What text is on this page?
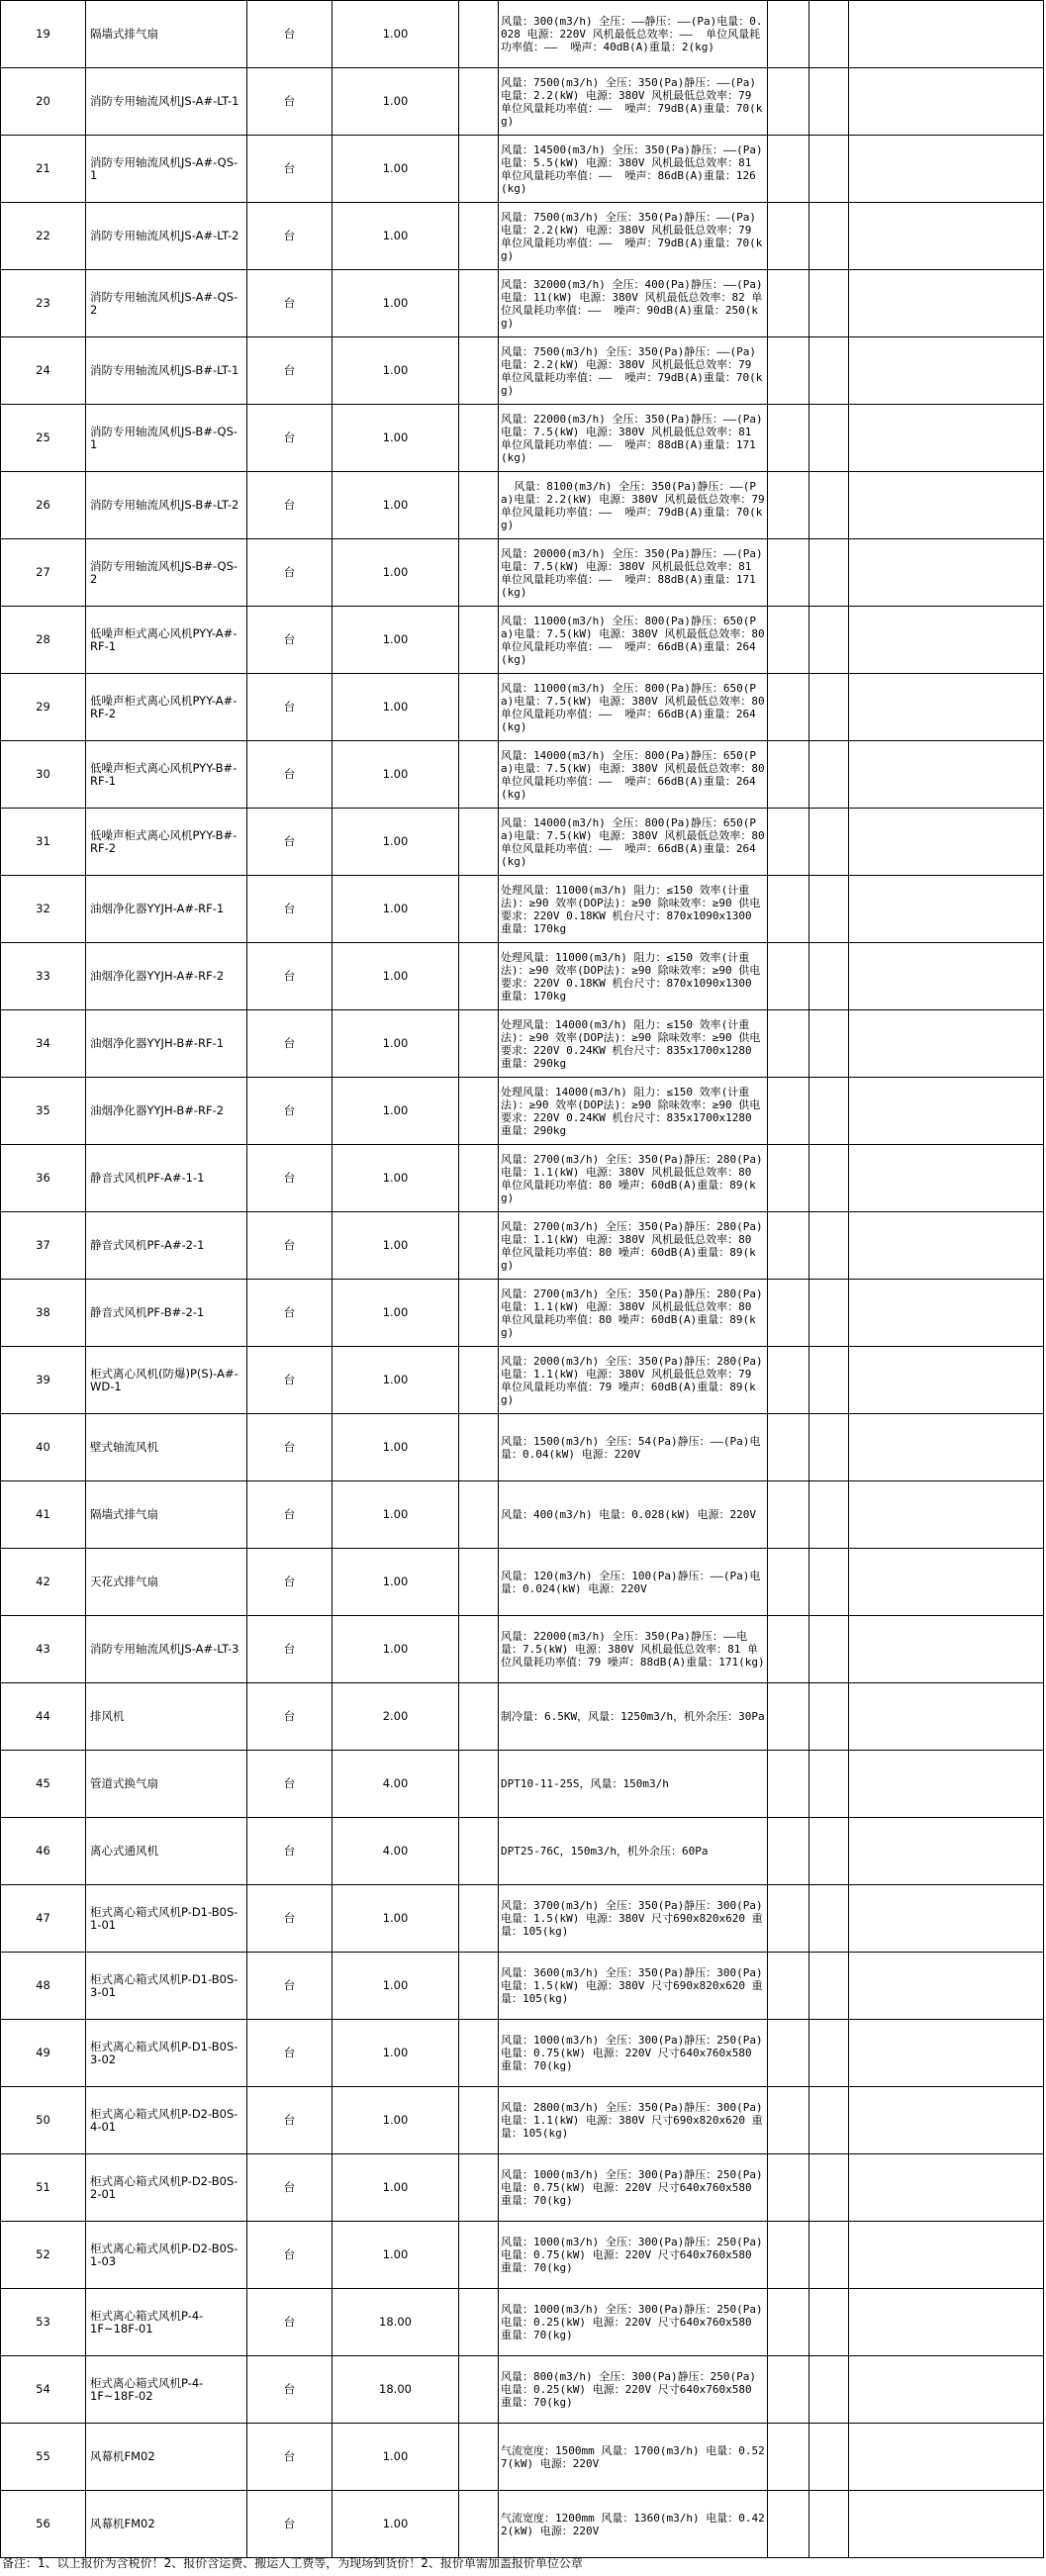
19	隔墙式排气扇	台	1.00		风量：300(m3/h) 全压：——静压：——(Pa)电量：0.028 电源：220V 风机最低总效率：——  单位风量耗功率值：——  噪声：40dB(A)重量：2(kg)			
20	消防专用轴流风机JS-A#-LT-1	台	1.00		风量：7500(m3/h) 全压：350(Pa)静压：——(Pa)电量：2.2(kW) 电源：380V 风机最低总效率：79 单位风量耗功率值：——  噪声：79dB(A)重量：70(kg)			
21	消防专用轴流风机JS-A#-QS-1	台	1.00		风量：14500(m3/h) 全压：350(Pa)静压：——(Pa)电量：5.5(kW) 电源：380V 风机最低总效率：81 单位风量耗功率值：——  噪声：86dB(A)重量：126(kg)			
22	消防专用轴流风机JS-A#-LT-2	台	1.00		风量：7500(m3/h) 全压：350(Pa)静压：——(Pa)电量：2.2(kW) 电源：380V 风机最低总效率：79 单位风量耗功率值：——  噪声：79dB(A)重量：70(kg)			
23	消防专用轴流风机JS-A#-QS-2	台	1.00		风量：32000(m3/h) 全压：400(Pa)静压：——(Pa)电量：11(kW) 电源：380V 风机最低总效率：82 单位风量耗功率值：——  噪声：90dB(A)重量：250(kg)			
24	消防专用轴流风机JS-B#-LT-1	台	1.00		风量：7500(m3/h) 全压：350(Pa)静压：——(Pa)电量：2.2(kW) 电源：380V 风机最低总效率：79 单位风量耗功率值：——  噪声：79dB(A)重量：70(kg)			
25	消防专用轴流风机JS-B#-QS-1	台	1.00		风量：22000(m3/h) 全压：350(Pa)静压：——(Pa)电量：7.5(kW) 电源：380V 风机最低总效率：81 单位风量耗功率值：——  噪声：88dB(A)重量：171(kg)			
26	消防专用轴流风机JS-B#-LT-2	台	1.00		风量：8100(m3/h) 全压：350(Pa)静压：——(Pa)电量：2.2(kW) 电源：380V 风机最低总效率：79 单位风量耗功率值：——  噪声：79dB(A)重量：70(kg)			
27	消防专用轴流风机JS-B#-QS-2	台	1.00		风量：20000(m3/h) 全压：350(Pa)静压：——(Pa)电量：7.5(kW) 电源：380V 风机最低总效率：81 单位风量耗功率值：——  噪声：88dB(A)重量：171(kg)			
28	低噪声柜式离心风机PYY-A#-RF-1	台	1.00		风量：11000(m3/h) 全压：800(Pa)静压：650(Pa)电量：7.5(kW) 电源：380V 风机最低总效率：80单位风量耗功率值：——  噪声：66dB(A)重量：264(kg)			
29	低噪声柜式离心风机PYY-A#-RF-2	台	1.00		风量：11000(m3/h) 全压：800(Pa)静压：650(Pa)电量：7.5(kW) 电源：380V 风机最低总效率：80单位风量耗功率值：——  噪声：66dB(A)重量：264(kg)			
30	低噪声柜式离心风机PYY-B#-RF-1	台	1.00		风量：14000(m3/h) 全压：800(Pa)静压：650(Pa)电量：7.5(kW) 电源：380V 风机最低总效率：80单位风量耗功率值：——  噪声：66dB(A)重量：264(kg)			
31	低噪声柜式离心风机PYY-B#-RF-2	台	1.00		风量：14000(m3/h) 全压：800(Pa)静压：650(Pa)电量：7.5(kW) 电源：380V 风机最低总效率：80单位风量耗功率值：——  噪声：66dB(A)重量：264(kg)			
32	油烟净化器YYJH-A#-RF-1	台	1.00		处理风量：11000(m3/h) 阻力：≤150 效率(计重法)：≥90 效率(DOP法)：≥90 除味效率：≥90 供电要求：220V 0.18KW 机台尺寸：870x1090x1300 重量：170kg			
33	油烟净化器YYJH-A#-RF-2	台	1.00		处理风量：11000(m3/h) 阻力：≤150 效率(计重法)：≥90 效率(DOP法)：≥90 除味效率：≥90 供电要求：220V 0.18KW 机台尺寸：870x1090x1300 重量：170kg			
34	油烟净化器YYJH-B#-RF-1	台	1.00		处理风量：14000(m3/h) 阻力：≤150 效率(计重法)：≥90 效率(DOP法)：≥90 除味效率：≥90 供电要求：220V 0.24KW 机台尺寸：835x1700x1280 重量：290kg			
35	油烟净化器YYJH-B#-RF-2	台	1.00		处理风量：14000(m3/h) 阻力：≤150 效率(计重法)：≥90 效率(DOP法)：≥90 除味效率：≥90 供电要求：220V 0.24KW 机台尺寸：835x1700x1280 重量：290kg			
36	静音式风机PF-A#-1-1	台	1.00		风量：2700(m3/h) 全压：350(Pa)静压：280(Pa)电量：1.1(kW) 电源：380V 风机最低总效率：80 单位风量耗功率值：80 噪声：60dB(A)重量：89(kg)			
37	静音式风机PF-A#-2-1	台	1.00		风量：2700(m3/h) 全压：350(Pa)静压：280(Pa)电量：1.1(kW) 电源：380V 风机最低总效率：80 单位风量耗功率值：80 噪声：60dB(A)重量：89(kg)			
38	静音式风机PF-B#-2-1	台	1.00		风量：2700(m3/h) 全压：350(Pa)静压：280(Pa)电量：1.1(kW) 电源：380V 风机最低总效率：80 单位风量耗功率值：80 噪声：60dB(A)重量：89(kg)			
39	柜式离心风机(防爆)P(S)-A#-WD-1	台	1.00		风量：2000(m3/h) 全压：350(Pa)静压：280(Pa)电量：1.1(kW) 电源：380V 风机最低总效率：79 单位风量耗功率值：79 噪声：60dB(A)重量：89(kg)			
40	壁式轴流风机	台	1.00		风量：1500(m3/h) 全压：54(Pa)静压：——(Pa)电量：0.04(kW) 电源：220V			
41	隔墙式排气扇	台	1.00		风量：400(m3/h) 电量：0.028(kW) 电源：220V			
42	天花式排气扇	台	1.00		风量：120(m3/h) 全压：100(Pa)静压：——(Pa)电量：0.024(kW) 电源：220V			
43	消防专用轴流风机JS-A#-LT-3	台	1.00		风量：22000(m3/h) 全压：350(Pa)静压：——电量：7.5(kW) 电源：380V 风机最低总效率：81 单位风量耗功率值：79 噪声：88dB(A)重量：171(kg)			
44	排风机	台	2.00		制冷量：6.5KW，风量：1250m3/h，机外余压：30Pa			
45	管道式换气扇	台	4.00		DPT10-11-25S，风量：150m3/h			
46	离心式通风机	台	4.00		DPT25-76C，150m3/h，机外余压：60Pa			
47	柜式离心箱式风机P-D1-B0S-1-01	台	1.00		风量：3700(m3/h) 全压：350(Pa)静压：300(Pa)电量：1.5(kW) 电源：380V 尺寸690x820x620 重量：105(kg)			
48	柜式离心箱式风机P-D1-B0S-3-01	台	1.00		风量：3600(m3/h) 全压：350(Pa)静压：300(Pa)电量：1.5(kW) 电源：380V 尺寸690x820x620 重量：105(kg)			
49	柜式离心箱式风机P-D1-B0S-3-02	台	1.00		风量：1000(m3/h) 全压：300(Pa)静压：250(Pa)电量：0.75(kW) 电源：220V 尺寸640x760x580 重量：70(kg)			
50	柜式离心箱式风机P-D2-B0S-4-01	台	1.00		风量：2800(m3/h) 全压：350(Pa)静压：300(Pa)电量：1.1(kW) 电源：380V 尺寸690x820x620 重量：105(kg)			
51	柜式离心箱式风机P-D2-B0S-2-01	台	1.00		风量：1000(m3/h) 全压：300(Pa)静压：250(Pa)电量：0.75(kW) 电源：220V 尺寸640x760x580 重量：70(kg)			
52	柜式离心箱式风机P-D2-B0S-1-03	台	1.00		风量：1000(m3/h) 全压：300(Pa)静压：250(Pa)电量：0.75(kW) 电源：220V 尺寸640x760x580 重量：70(kg)			
53	柜式离心箱式风机P-4-1F~18F-01	台	18.00		风量：1000(m3/h) 全压：300(Pa)静压：250(Pa)电量：0.25(kW) 电源：220V 尺寸640x760x580 重量：70(kg)			
54	柜式离心箱式风机P-4-1F~18F-02	台	18.00		风量：800(m3/h) 全压：300(Pa)静压：250(Pa)电量：0.25(kW) 电源：220V 尺寸640x760x580 重量：70(kg)			
55	风幕机FM02	台	1.00		气流宽度：1500mm 风量：1700(m3/h) 电量：0.527(kW) 电源：220V			
56	风幕机FM02	台	1.00		气流宽度：1200mm 风量：1360(m3/h) 电量：0.422(kW) 电源：220V			
备注：1、以上报价为含税价！2、报价含运费、搬运人工费等，为现场到货价！2、报价单需加盖报价单位公章
